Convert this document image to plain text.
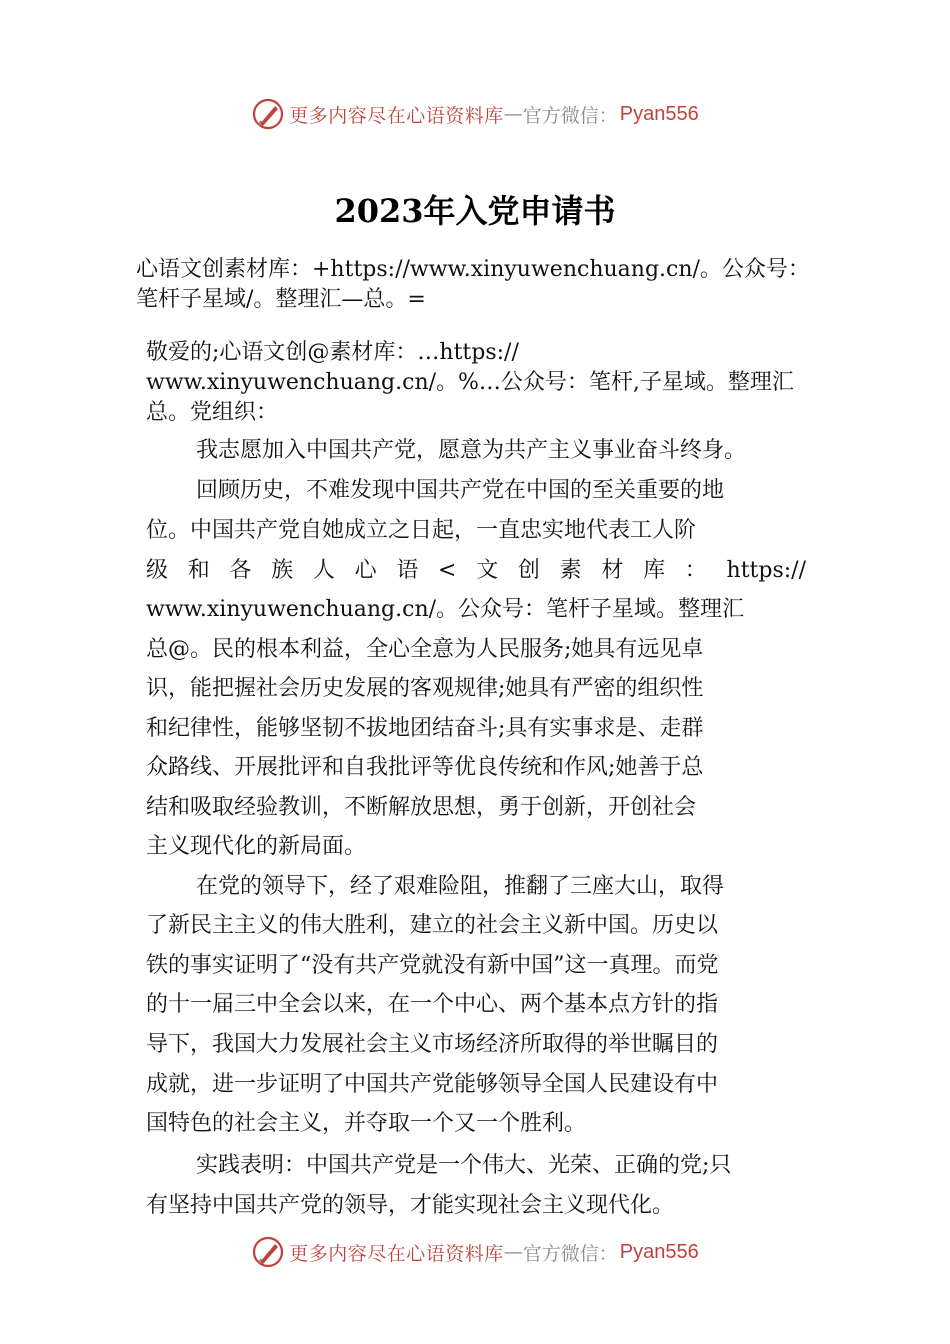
更多内容尽在心语资料库 — 官方微信： Pyan556
2023年入党申请书
心语文创素材库：+https://www.xinyuwenchuang.cn/。公众号：
笔杆子星域/。整理汇—总。=
敬爱的;心语文创@素材库：…https://
www.xinyuwenchuang.cn/。%…公众号：笔杆,子星域。整理汇
总。党组织：
我志愿加入中国共产党，愿意为共产主义事业奋斗终身。
回顾历史，不难发现中国共产党在中国的至关重要的地
位。中国共产党自她成立之日起，一直忠实地代表工人阶
级和各族人心语<文创素材库：https://
www.xinyuwenchuang.cn/。公众号：笔杆子星域。整理汇
总@。民的根本利益，全心全意为人民服务;她具有远见卓
识，能把握社会历史发展的客观规律;她具有严密的组织性
和纪律性，能够坚韧不拔地团结奋斗;具有实事求是、走群
众路线、开展批评和自我批评等优良传统和作风;她善于总
结和吸取经验教训，不断解放思想，勇于创新，开创社会
主义现代化的新局面。
在党的领导下，经了艰难险阻，推翻了三座大山，取得
了新民主主义的伟大胜利，建立的社会主义新中国。历史以
铁的事实证明了“没有共产党就没有新中国”这一真理。而党
的十一届三中全会以来，在一个中心、两个基本点方针的指
导下，我国大力发展社会主义市场经济所取得的举世瞩目的
成就，进一步证明了中国共产党能够领导全国人民建设有中
国特色的社会主义，并夺取一个又一个胜利。
实践表明：中国共产党是一个伟大、光荣、正确的党;只
有坚持中国共产党的领导，才能实现社会主义现代化。
更多内容尽在心语资料库 — 官方微信： Pyan556
